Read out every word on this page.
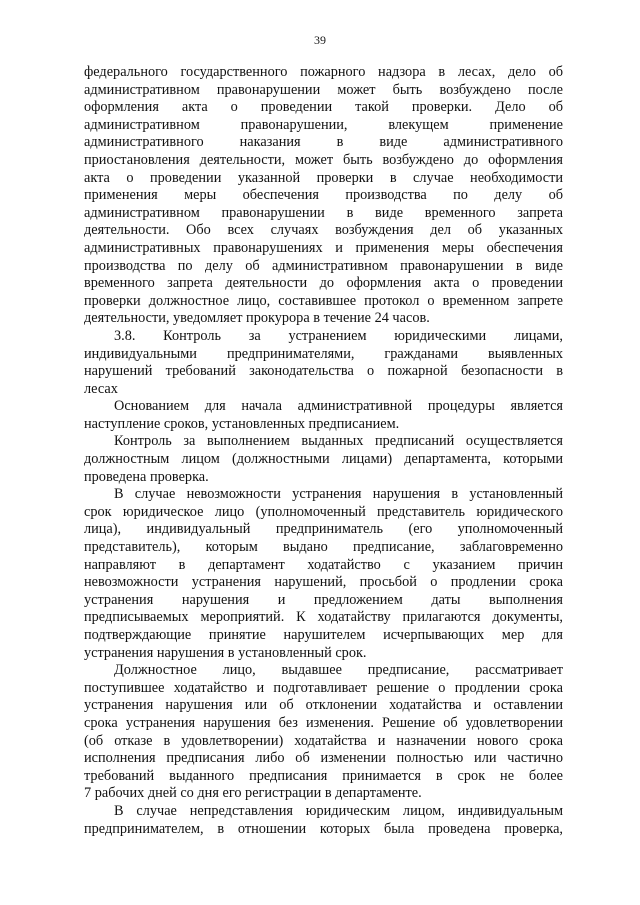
39
федерального государственного пожарного надзора в лесах, дело об
административном правонарушении может быть возбуждено после
оформления акта о проведении такой проверки. Дело об
административном правонарушении, влекущем применение
административного наказания в виде административного
приостановления деятельности, может быть возбуждено до оформления
акта о проведении указанной проверки в случае необходимости
применения меры обеспечения производства по делу об
административном правонарушении в виде временного запрета
деятельности. Обо всех случаях возбуждения дел об указанных
административных правонарушениях и применения меры обеспечения
производства по делу об административном правонарушении в виде
временного запрета деятельности до оформления акта о проведении
проверки должностное лицо, составившее протокол о временном запрете
деятельности, уведомляет прокурора в течение 24 часов.
3.8. Контроль за устранением юридическими лицами,
индивидуальными предпринимателями, гражданами выявленных
нарушений требований законодательства о пожарной безопасности в
лесах
Основанием для начала административной процедуры является
наступление сроков, установленных предписанием.
Контроль за выполнением выданных предписаний осуществляется
должностным лицом (должностными лицами) департамента, которыми
проведена проверка.
В случае невозможности устранения нарушения в установленный
срок юридическое лицо (уполномоченный представитель юридического
лица), индивидуальный предприниматель (его уполномоченный
представитель), которым выдано предписание, заблаговременно
направляют в департамент ходатайство с указанием причин
невозможности устранения нарушений, просьбой о продлении срока
устранения нарушения и предложением даты выполнения
предписываемых мероприятий. К ходатайству прилагаются документы,
подтверждающие принятие нарушителем исчерпывающих мер для
устранения нарушения в установленный срок.
Должностное лицо, выдавшее предписание, рассматривает
поступившее ходатайство и подготавливает решение о продлении срока
устранения нарушения или об отклонении ходатайства и оставлении
срока устранения нарушения без изменения. Решение об удовлетворении
(об отказе в удовлетворении) ходатайства и назначении нового срока
исполнения предписания либо об изменении полностью или частично
требований выданного предписания принимается в срок не более
7 рабочих дней со дня его регистрации в департаменте.
В случае непредставления юридическим лицом, индивидуальным
предпринимателем, в отношении которых была проведена проверка,
